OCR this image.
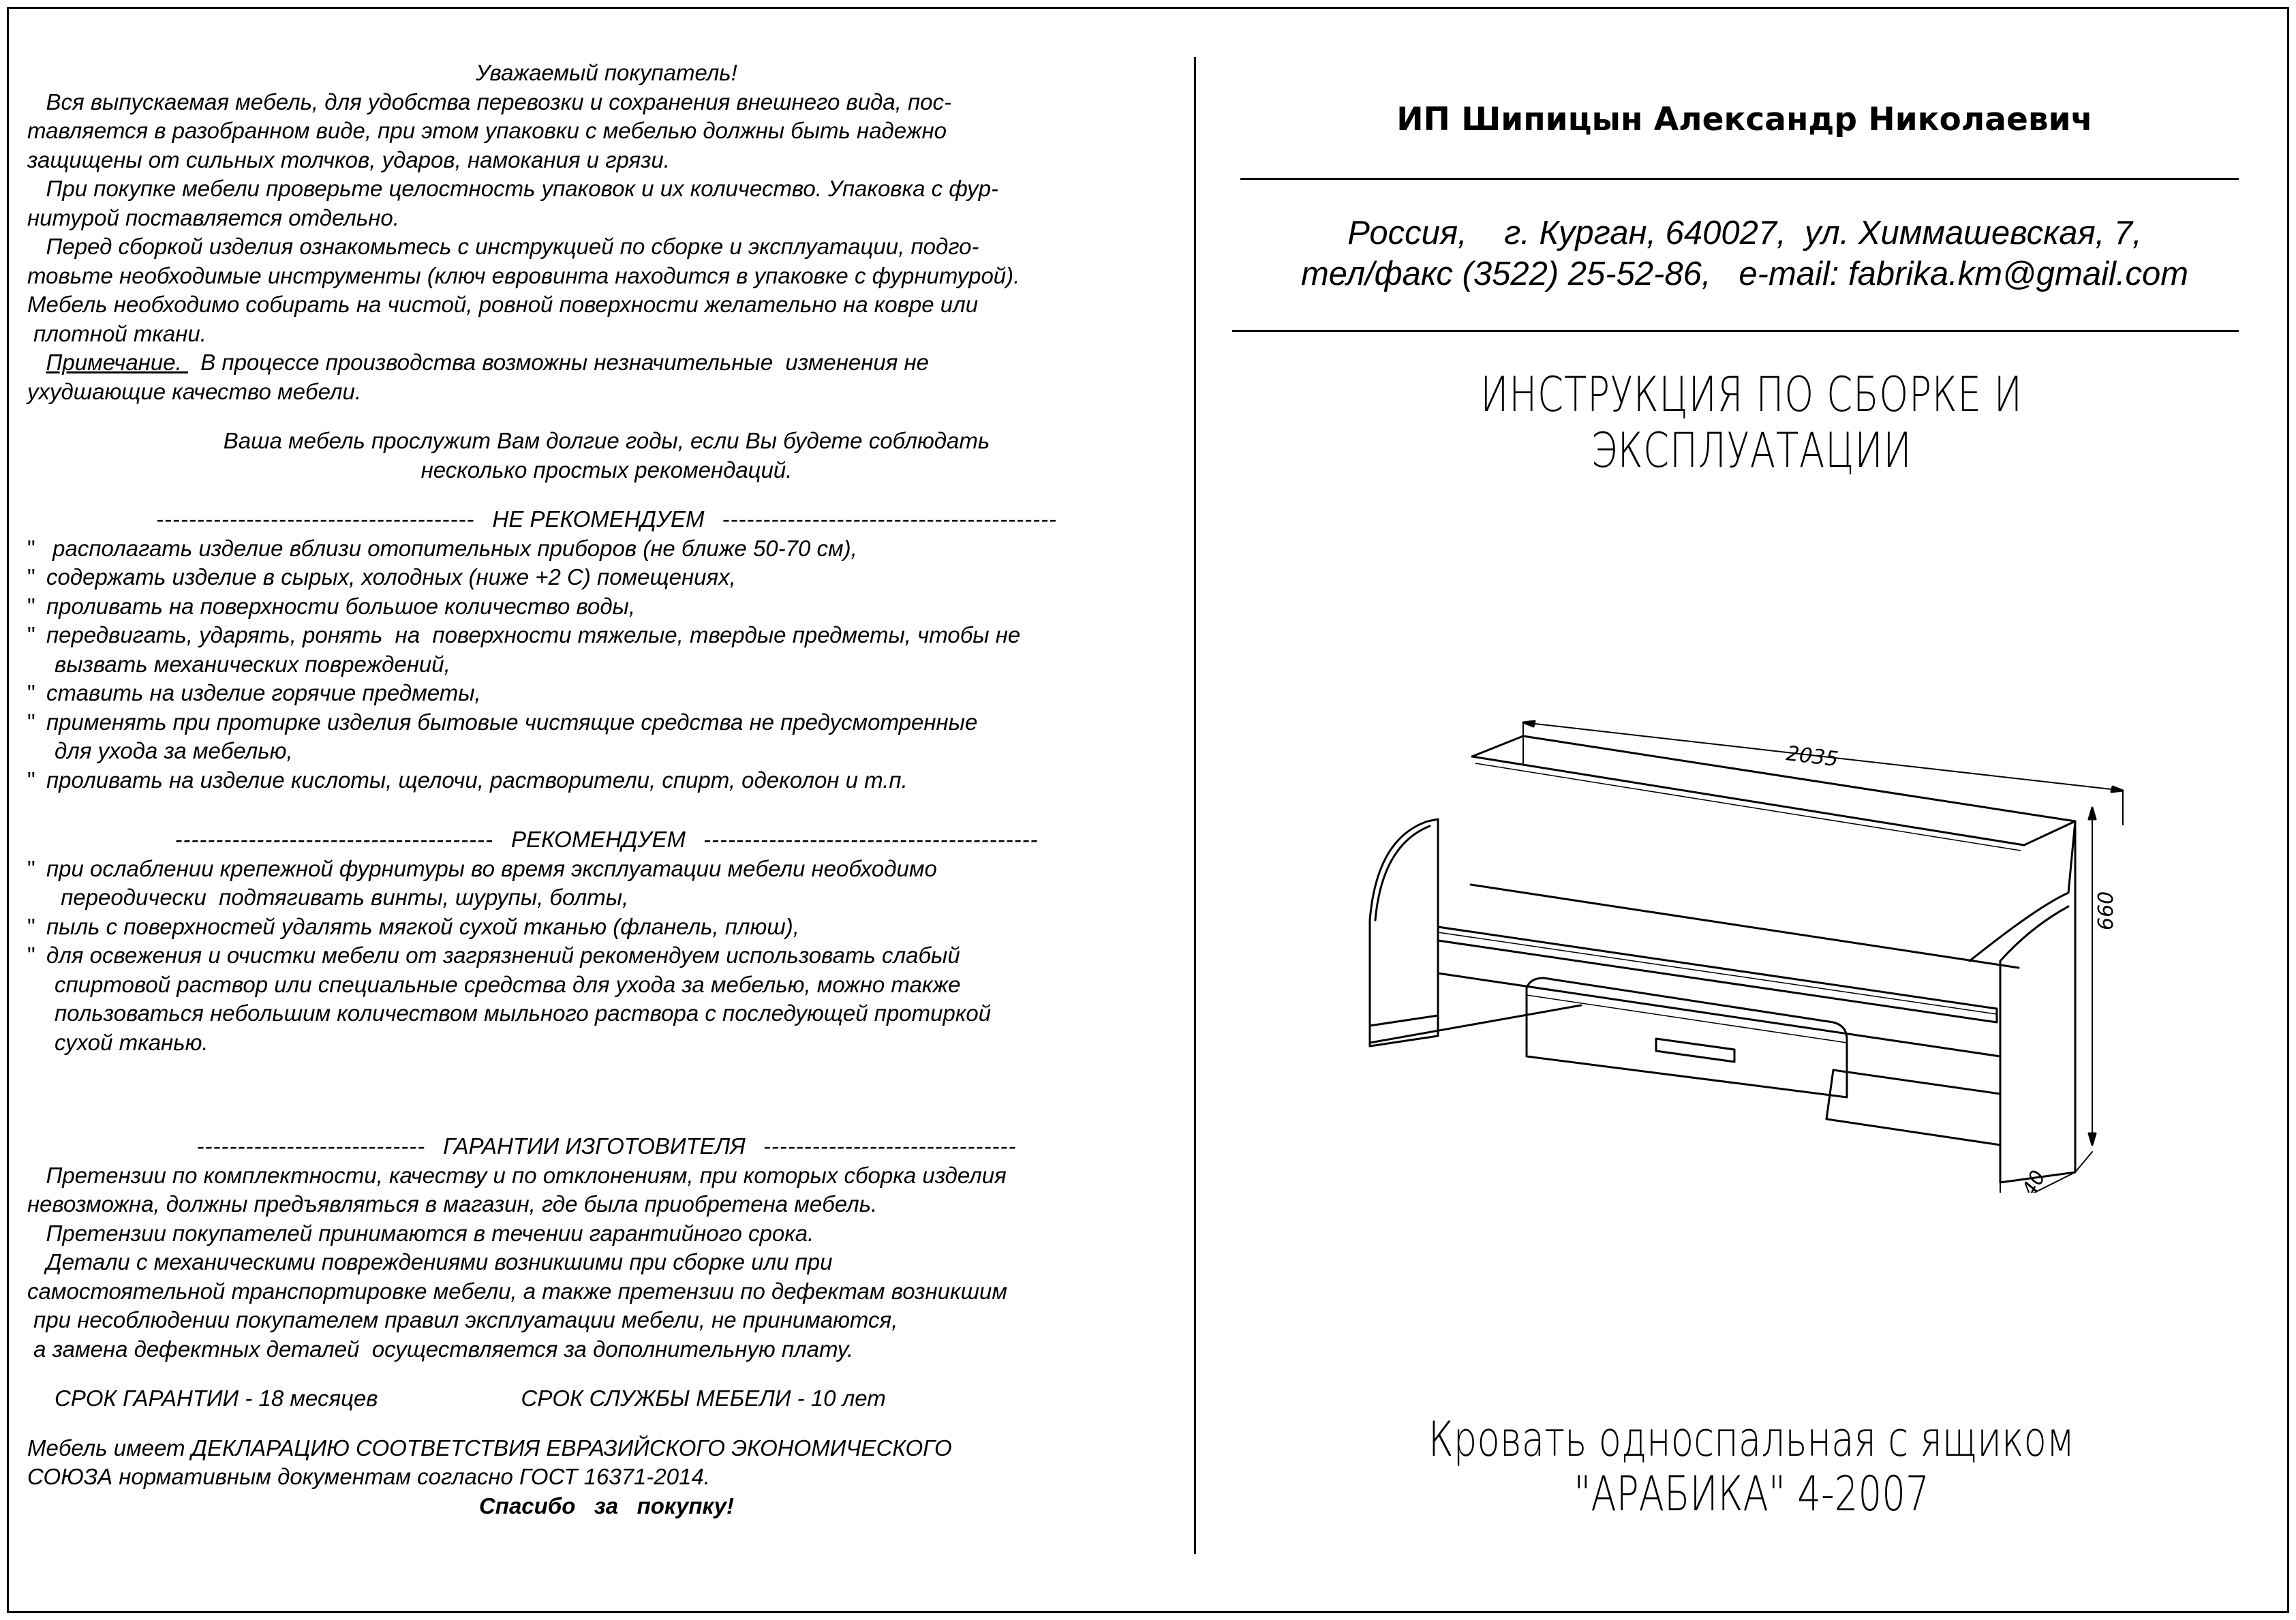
Уважаемый покупатель!
Вся выпускаемая мебель, для удобства перевозки и сохранения внешнего вида, пос-
тавляется в разобранном виде, при этом упаковки с мебелью должны быть надежно
защищены от сильных толчков, ударов, намокания и грязи.
При покупке мебели проверьте целостность упаковок и их количество. Упаковка с фур-
нитурой поставляется отдельно.
Перед сборкой изделия ознакомьтесь с инструкцией по сборке и эксплуатации, подго-
товьте необходимые инструменты (ключ евровинта находится в упаковке с фурнитурой).
Мебель необходимо собирать на чистой, ровной поверхности желательно на ковре или
плотной ткани.
Примечание.   В процессе производства возможны незначительные  изменения не
ухудшающие качество мебели.
Ваша мебель прослужит Вам долгие годы, если Вы будете соблюдать
несколько простых рекомендаций.
--------------------------------------- НЕ РЕКОМЕНДУЕМ -----------------------------------------
" располагать изделие вблизи отопительных приборов (не ближе 50-70 см),
" содержать изделие в сырых, холодных (ниже +2 С) помещениях,
" проливать на поверхности большое количество воды,
" передвигать, ударять, ронять  на  поверхности тяжелые, твердые предметы, чтобы не
вызвать механических повреждений,
" ставить на изделие горячие предметы,
" применять при протирке изделия бытовые чистящие средства не предусмотренные
для ухода за мебелью,
" проливать на изделие кислоты, щелочи, растворители, спирт, одеколон и т.п.
--------------------------------------- РЕКОМЕНДУЕМ -----------------------------------------
" при ослаблении крепежной фурнитуры во время эксплуатации мебели необходимо
переодически  подтягивать винты, шурупы, болты,
" пыль с поверхностей удалять мягкой сухой тканью (фланель, плюш),
" для освежения и очистки мебели от загрязнений рекомендуем использовать слабый
спиртовой раствор или специальные средства для ухода за мебелью, можно также
пользоваться небольшим количеством мыльного раствора с последующей протиркой
сухой тканью.
---------------------------- ГАРАНТИИ ИЗГОТОВИТЕЛЯ -------------------------------
Претензии по комплектности, качеству и по отклонениям, при которых сборка изделия
невозможна, должны предъявляться в магазин, где была приобретена мебель.
Претензии покупателей принимаются в течении гарантийного срока.
Детали с механическими повреждениями возникшими при сборке или при
самостоятельной транспортировке мебели, а также претензии по дефектам возникшим
при несоблюдении покупателем правил эксплуатации мебели, не принимаются,
а замена дефектных деталей  осуществляется за дополнительную плату.
СРОК ГАРАНТИИ - 18 месяцев	СРОК СЛУЖБЫ МЕБЕЛИ - 10 лет
Мебель имеет ДЕКЛАРАЦИЮ СООТВЕТСТВИЯ ЕВРАЗИЙСКОГО ЭКОНОМИЧЕСКОГО
СОЮЗА нормативным документам согласно ГОСТ 16371-2014.
Спасибо   за   покупку!
ИП Шипицын Александр Николаевич
Россия,    г. Курган, 640027,  ул. Химмашевская, 7,
тел/факс (3522) 25-52-86,   e-mail: fabrika.km@gmail.com
ИНСТРУКЦИЯ ПО СБОРКЕ И
ЭКСПЛУАТАЦИИ
2035
660
840
Кровать односпальная с ящиком
"АРАБИКА" 4-2007
